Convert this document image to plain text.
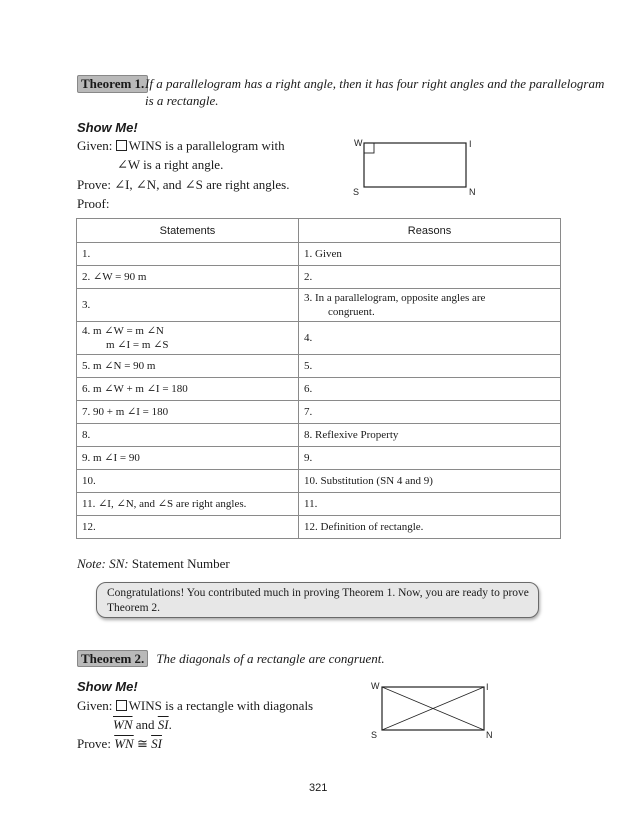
Theorem 1. If a parallelogram has a right angle, then it has four right angles and the parallelogram
is a rectangle.
Show Me!
Given: WINS is a parallelogram with
∠W is a right angle.
Prove: ∠I, ∠N, and ∠S are right angles.
Proof:
W	I
S	N
Statements	Reasons
1.	1. Given
2. ∠W = 90 m	2.
3.	3. In a parallelogram, opposite angles are
congruent.

4. m ∠W = m ∠N
m ∠I = m ∠S	4.
5. m ∠N = 90 m	5.
6. m ∠W + m ∠I = 180	6.
7. 90 + m ∠I = 180	7.
8.	8. Reflexive Property
9. m ∠I = 90	9.
10.	10. Substitution (SN 4 and 9)
11. ∠I, ∠N, and ∠S are right angles.	11.
12.	12. Definition of rectangle.
Note: SN: Statement Number
Congratulations! You contributed much in proving Theorem 1. Now, you are ready to prove
Theorem 2.
Theorem 2. The diagonals of a rectangle are congruent.
Show Me!
Given: WINS is a rectangle with diagonals
$\overline{WN}$ and $\overline{SI}$.
Prove: $\overline{WN}$ ≅ $\overline{SI}$
W	I
S	N
321
